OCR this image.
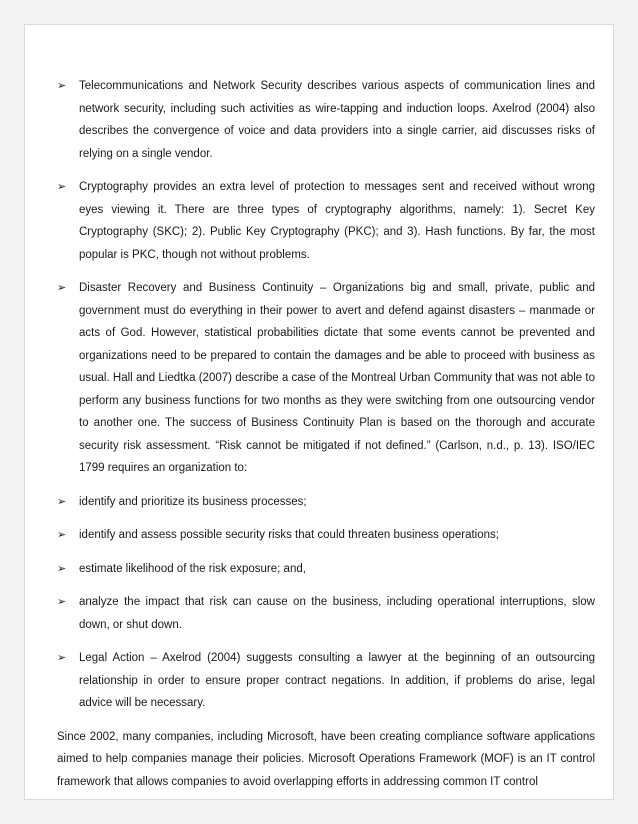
➢ Telecommunications and Network Security describes various aspects of communication lines and network security, including such activities as wire-tapping and induction loops. Axelrod (2004) also describes the convergence of voice and data providers into a single carrier, aid discusses risks of relying on a single vendor.
➢ Cryptography provides an extra level of protection to messages sent and received without wrong eyes viewing it. There are three types of cryptography algorithms, namely: 1). Secret Key Cryptography (SKC); 2). Public Key Cryptography (PKC); and 3). Hash functions. By far, the most popular is PKC, though not without problems.
➢ Disaster Recovery and Business Continuity – Organizations big and small, private, public and government must do everything in their power to avert and defend against disasters – manmade or acts of God. However, statistical probabilities dictate that some events cannot be prevented and organizations need to be prepared to contain the damages and be able to proceed with business as usual. Hall and Liedtka (2007) describe a case of the Montreal Urban Community that was not able to perform any business functions for two months as they were switching from one outsourcing vendor to another one. The success of Business Continuity Plan is based on the thorough and accurate security risk assessment. “Risk cannot be mitigated if not defined.” (Carlson, n.d., p. 13). ISO/IEC 1799 requires an organization to:
➢ identify and prioritize its business processes;
➢ identify and assess possible security risks that could threaten business operations;
➢ estimate likelihood of the risk exposure; and,
➢ analyze the impact that risk can cause on the business, including operational interruptions, slow down, or shut down.
➢ Legal Action – Axelrod (2004) suggests consulting a lawyer at the beginning of an outsourcing relationship in order to ensure proper contract negations. In addition, if problems do arise, legal advice will be necessary.
Since 2002, many companies, including Microsoft, have been creating compliance software applications aimed to help companies manage their policies. Microsoft Operations Framework (MOF) is an IT control framework that allows companies to avoid overlapping efforts in addressing common IT control
